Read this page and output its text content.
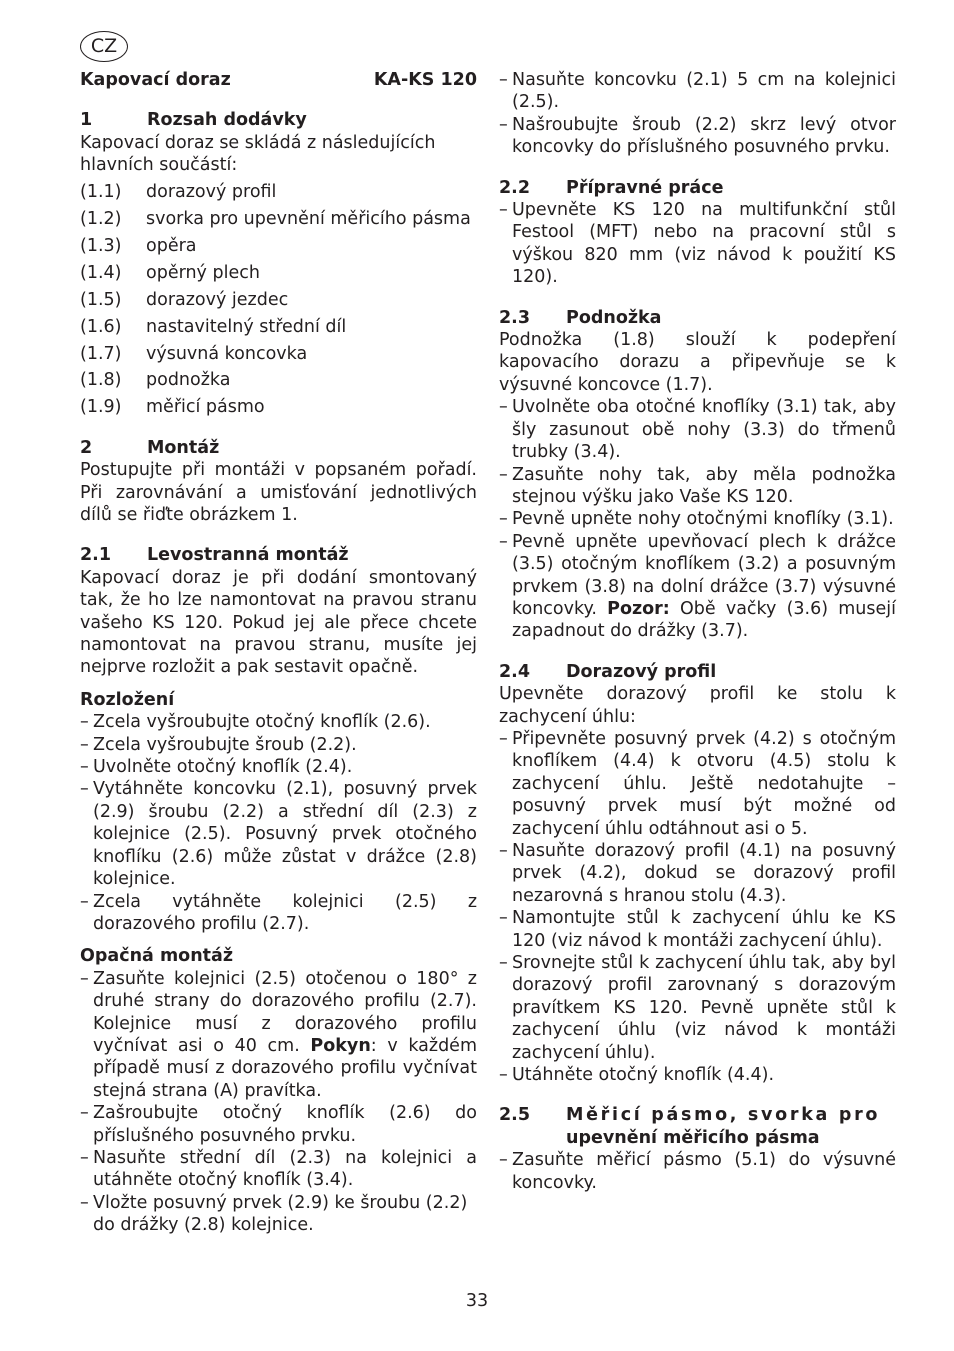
CZ
Kapovací doraz	KA-KS 120
1	Rozsah dodávky

Kapovací doraz se skládá z následujících hlavních součástí:

(1.1)	dorazový profil
(1.2)	svorka pro upevnění měřicího pásma
(1.3)	opěra
(1.4)	opěrný plech
(1.5)	dorazový jezdec
(1.6)	nastavitelný střední díl
(1.7)	výsuvná koncovka
(1.8)	podnožka
(1.9)	měřicí pásmo
2	Montáž

Postupujte při montáži v popsaném pořadí. Při zarovnávání a umisťování jednotlivých dílů se řiďte obrázkem 1.

2.1	Levostranná montáž

Kapovací doraz je při dodání smontovaný tak, že ho lze namontovat na pravou stranu vašeho KS 120. Pokud jej ale přece chcete namontovat na pravou stranu, musíte jej nejprve rozložit a pak sestavit opačně.

Rozložení
– Zcela vyšroubujte otočný knoflík (2.6).
– Zcela vyšroubujte šroub (2.2).
– Uvolněte otočný knoflík (2.4).
– Vytáhněte koncovku (2.1), posuvný prvek (2.9) šroubu (2.2) a střední díl (2.3) z kolejnice (2.5). Posuvný prvek otočného knoflíku (2.6) může zůstat v drážce (2.8) kolejnice.
– Zcela vytáhněte kolejnici (2.5) z dorazového profilu (2.7).
Opačná montáž
– Zasuňte kolejnici (2.5) otočenou o 180° z druhé strany do dorazového profilu (2.7). Kolejnice musí z dorazového profilu vyčnívat asi o 40 cm. Pokyn: v každém případě musí z dorazového profilu vyčnívat stejná strana (A) pravítka.
– Zašroubujte otočný knoflík (2.6) do příslušného posuvného prvku.
– Nasuňte střední díl (2.3) na kolejnici a utáhněte otočný knoflík (3.4).
– Vložte posuvný prvek (2.9) ke šroubu (2.2) do drážky (2.8) kolejnice.
– Nasuňte koncovku (2.1) 5 cm na kolejnici (2.5).
– Našroubujte šroub (2.2) skrz levý otvor koncovky do příslušného posuvného prvku.
2.2	Přípravné práce
– Upevněte KS 120 na multifunkční stůl Festool (MFT) nebo na pracovní stůl s výškou 820 mm (viz návod k použití KS 120).
2.3	Podnožka

Podnožka (1.8) slouží k podepření kapovacího dorazu a připevňuje se k výsuvné koncovce (1.7).

– Uvolněte oba otočné knoflíky (3.1) tak, aby šly zasunout obě nohy (3.3) do třmenů trubky (3.4).
– Zasuňte nohy tak, aby měla podnožka stejnou výšku jako Vaše KS 120.
– Pevně upněte nohy otočnými knoflíky (3.1).
– Pevně upněte upevňovací plech k drážce (3.5) otočným knoflíkem (3.2) a posuvným prvkem (3.8) na dolní drážce (3.7) výsuvné koncovky. Pozor: Obě vačky (3.6) musejí zapadnout do drážky (3.7).
2.4	Dorazový profil

Upevněte dorazový profil ke stolu k zachycení úhlu:

– Připevněte posuvný prvek (4.2) s otočným knoflíkem (4.4) k otvoru (4.5) stolu k zachycení úhlu. Ještě nedotahujte – posuvný prvek musí být možné od zachycení úhlu odtáhnout asi o 5.
– Nasuňte dorazový profil (4.1) na posuvný prvek (4.2), dokud se dorazový profil nezarovná s hranou stolu (4.3).
– Namontujte stůl k zachycení úhlu ke KS 120 (viz návod k montáži zachycení úhlu).
– Srovnejte stůl k zachycení úhlu tak, aby byl dorazový profil zarovnaný s dorazovým pravítkem KS 120. Pevně upněte stůl k zachycení úhlu (viz návod k montáži zachycení úhlu).
– Utáhněte otočný knoflík (4.4).
2.5	Měřicí pásmo, svorka pro
upevnění měřicího pásma
– Zasuňte měřicí pásmo (5.1) do výsuvné koncovky.
33
